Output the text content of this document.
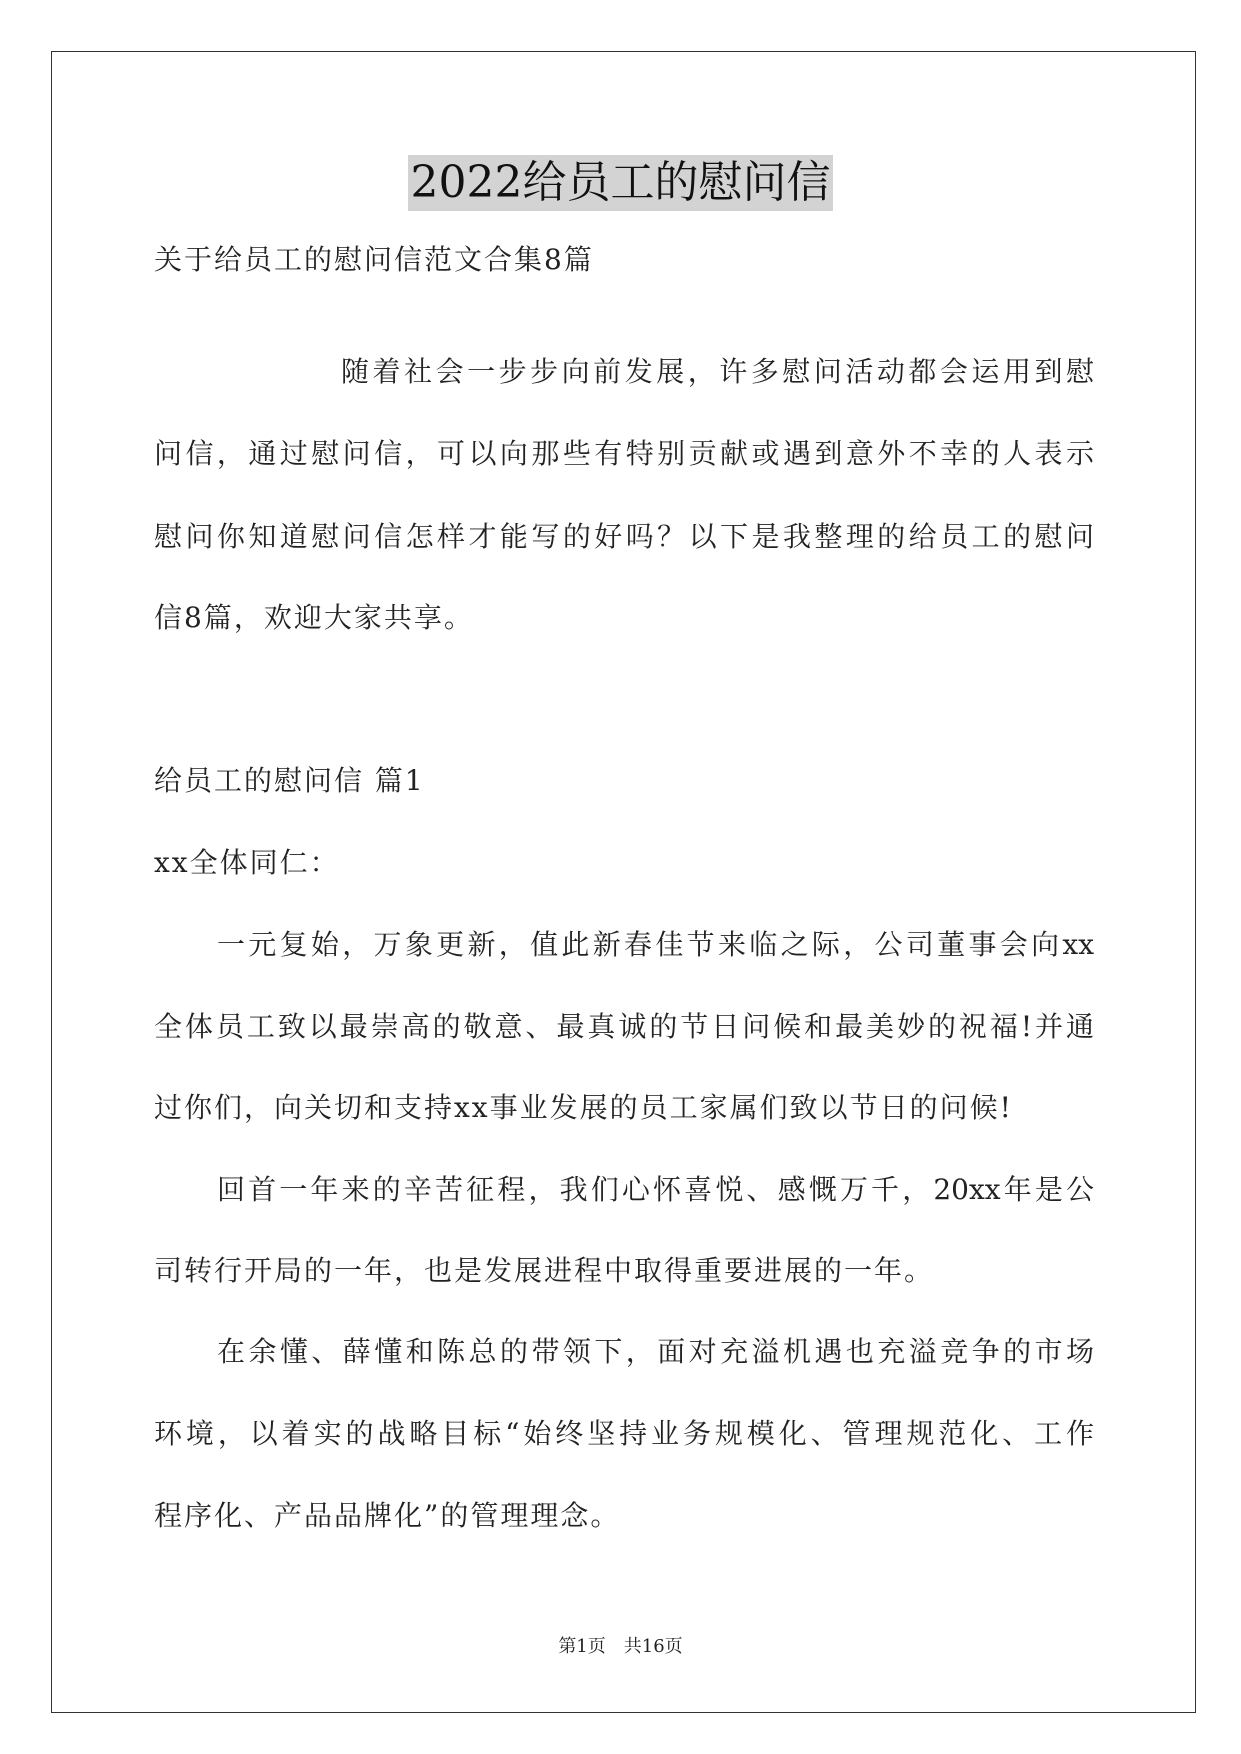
2022给员工的慰问信
关于给员工的慰问信范文合集8篇
随着社会一步步向前发展，许多慰问活动都会运用到慰
问信，通过慰问信，可以向那些有特别贡献或遇到意外不幸的人表示
慰问你知道慰问信怎样才能写的好吗？以下是我整理的给员工的慰问
信8篇，欢迎大家共享。
给员工的慰问信 篇1
xx全体同仁：
一元复始，万象更新，值此新春佳节来临之际，公司董事会向xx
全体员工致以最崇高的敬意、最真诚的节日问候和最美妙的祝福!并通
过你们，向关切和支持xx事业发展的员工家属们致以节日的问候!
回首一年来的辛苦征程，我们心怀喜悦、感慨万千，20xx年是公
司转行开局的一年，也是发展进程中取得重要进展的一年。
在余懂、薛懂和陈总的带领下，面对充溢机遇也充溢竞争的市场
环境，以着实的战略目标“始终坚持业务规模化、管理规范化、工作
程序化、产品品牌化”的管理理念。
第1页 共16页
